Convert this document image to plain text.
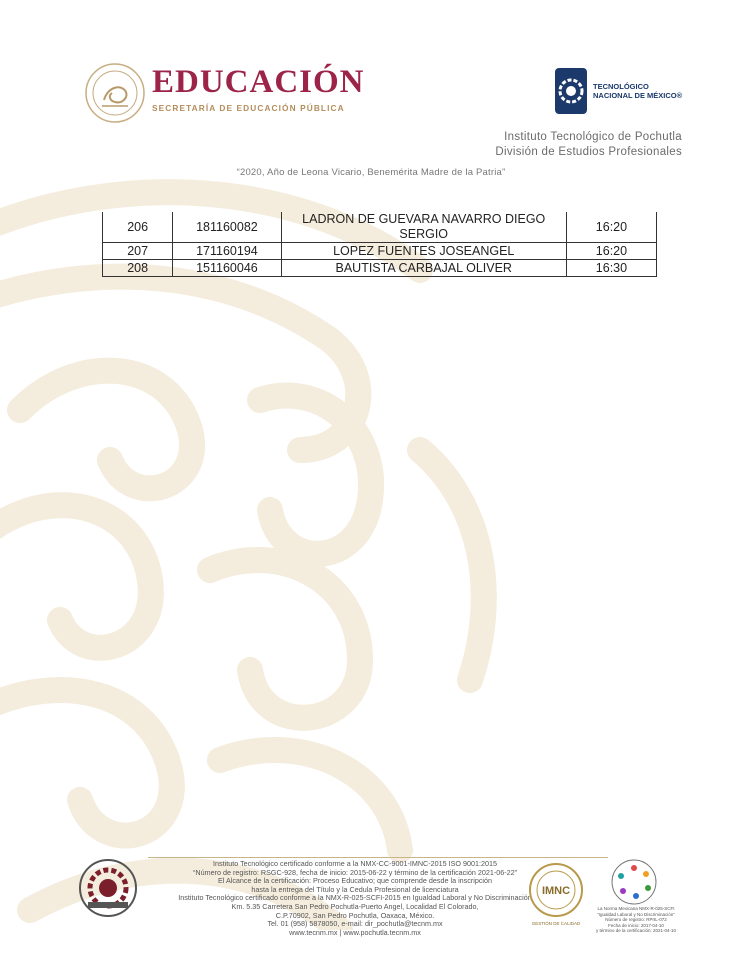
EDUCACIÓN
SECRETARÍA DE EDUCACIÓN PÚBLICA
TECNOLÓGICO
NACIONAL DE MÉXICO®
Instituto Tecnológico de Pochutla
División de Estudios Profesionales
“2020, Año de Leona Vicario, Benemérita Madre de la Patria”
206	181160082	LADRON DE GUEVARA NAVARRO DIEGO SERGIO	16:20
207	171160194	LOPEZ FUENTES JOSEANGEL	16:20
208	151160046	BAUTISTA CARBAJAL OLIVER	16:30
Instituto Tecnológico certificado conforme a la NMX-CC-9001-IMNC-2015 ISO 9001:2015
“Número de registro: RSGC-928, fecha de inicio: 2015-06-22 y término de la certificación 2021-06-22”
El Alcance de la certificación: Proceso Educativo; que comprende desde la inscripción
hasta la entrega del Título y la Cedula Profesional de licenciatura
Instituto Tecnológico certificado conforme a la NMX-R-025-SCFI-2015 en Igualdad Laboral y No Discriminación
Km. 5.35 Carretera San Pedro Pochutla-Puerto Angel, Localidad El Colorado,
C.P.70902, San Pedro Pochutla, Oaxaca, México.
Tel. 01 (958) 5878050, e-mail: dir_pochutla@tecnm.mx
www.tecnm.mx | www.pochutla.tecnm.mx
IMNC
GESTIÓN DE CALIDAD
La Norma Mexicana NMX-R-025-SCFI
“Igualdad Laboral y No Discriminación”
Número de registro: RPrIL-072
Fecha de inicio: 2017-04-10
y término de la certificación: 2021-04-10
